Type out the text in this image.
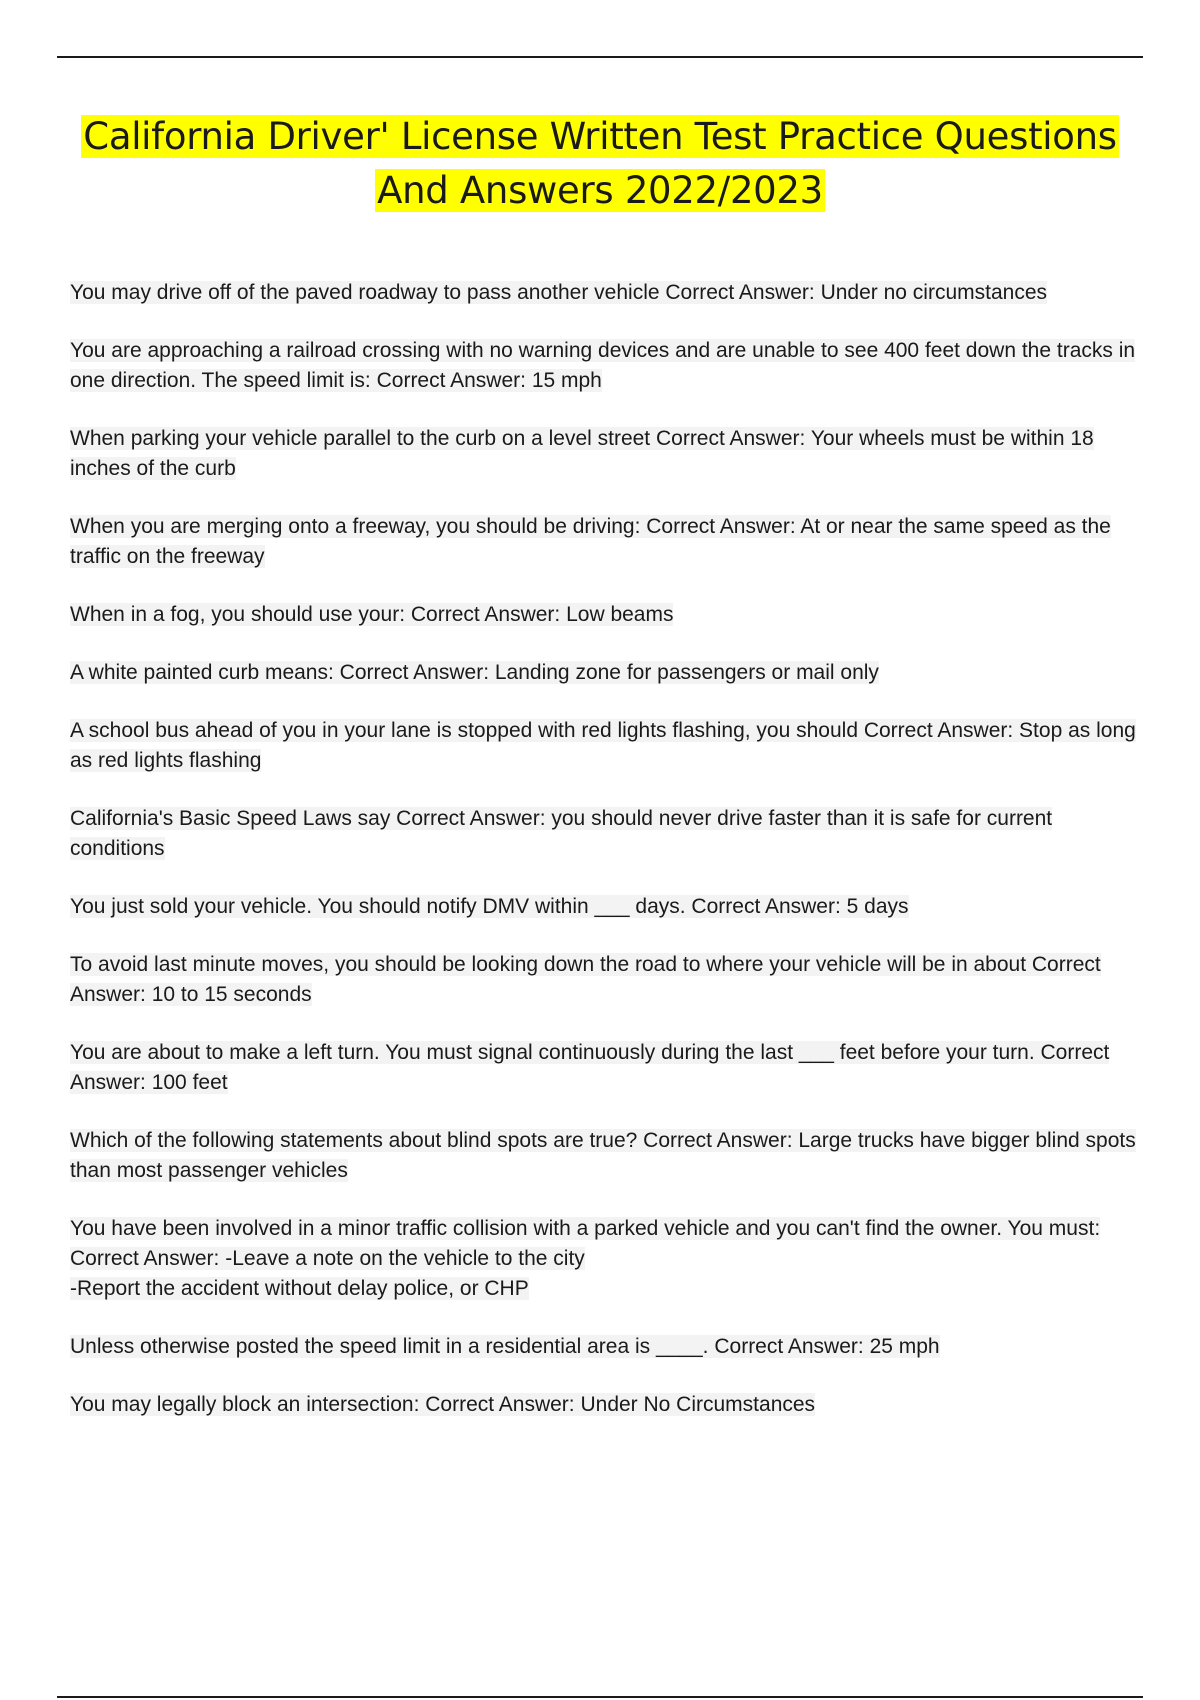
California Driver' License Written Test Practice Questions
And Answers 2022/2023
You may drive off of the paved roadway to pass another vehicle Correct Answer: Under no circumstances
You are approaching a railroad crossing with no warning devices and are unable to see 400 feet down the tracks in one direction. The speed limit is: Correct Answer: 15 mph
When parking your vehicle parallel to the curb on a level street Correct Answer: Your wheels must be within 18 inches of the curb
When you are merging onto a freeway, you should be driving: Correct Answer: At or near the same speed as the traffic on the freeway
When in a fog, you should use your: Correct Answer: Low beams
A white painted curb means: Correct Answer: Landing zone for passengers or mail only
A school bus ahead of you in your lane is stopped with red lights flashing, you should Correct Answer: Stop as long as red lights flashing
California's Basic Speed Laws say Correct Answer: you should never drive faster than it is safe for current conditions
You just sold your vehicle. You should notify DMV within ___ days. Correct Answer: 5 days
To avoid last minute moves, you should be looking down the road to where your vehicle will be in about Correct Answer: 10 to 15 seconds
You are about to make a left turn. You must signal continuously during the last ___ feet before your turn. Correct Answer: 100 feet
Which of the following statements about blind spots are true? Correct Answer: Large trucks have bigger blind spots than most passenger vehicles
You have been involved in a minor traffic collision with a parked vehicle and you can't find the owner. You must: Correct Answer: -Leave a note on the vehicle to the city
-Report the accident without delay police, or CHP
Unless otherwise posted the speed limit in a residential area is ____. Correct Answer: 25 mph
You may legally block an intersection: Correct Answer: Under No Circumstances
